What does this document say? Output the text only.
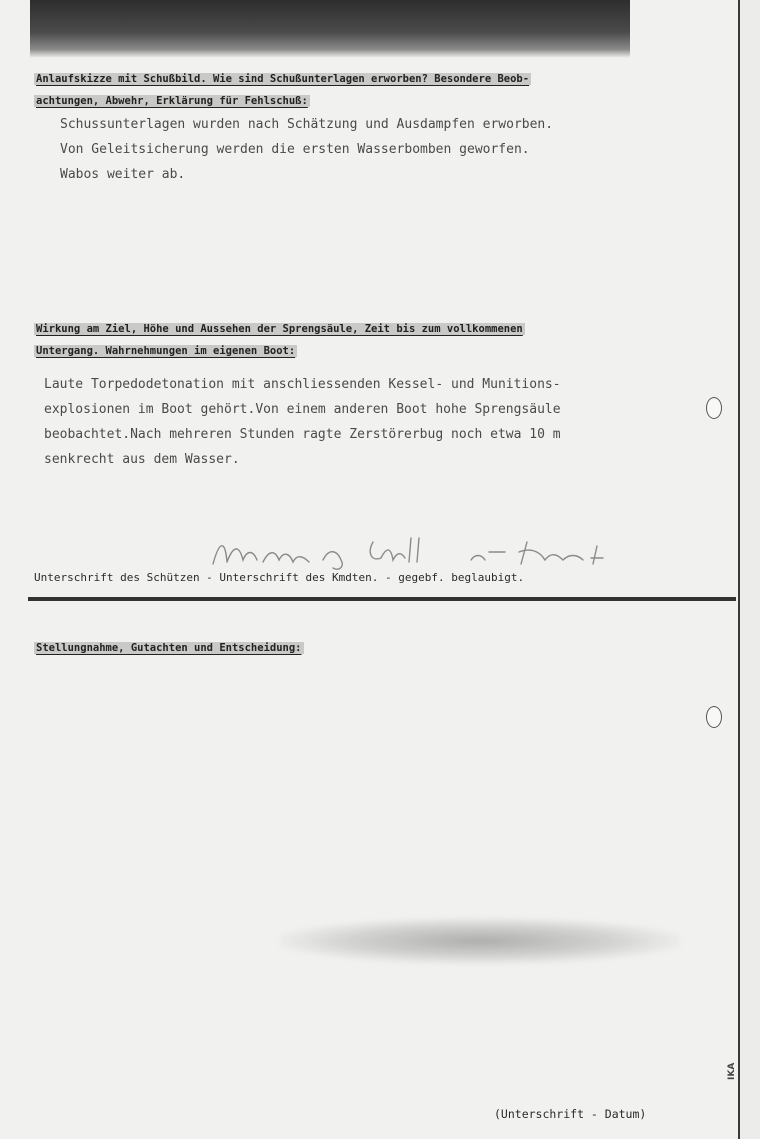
Anlaufskizze mit Schußbild. Wie sind Schußunterlagen erworben? Besondere Beob-
achtungen, Abwehr, Erklärung für Fehlschuß:
Schussunterlagen wurden nach Schätzung und Ausdampfen erworben.
Von Geleitsicherung werden die ersten Wasserbomben geworfen.
Wabos weiter ab.
Wirkung am Ziel, Höhe und Aussehen der Sprengsäule, Zeit bis zum vollkommenen
Untergang. Wahrnehmungen im eigenen Boot:
Laute Torpedodetonation mit anschliessenden Kessel- und Munitions-
explosionen im Boot gehört.Von einem anderen Boot hohe Sprengsäule
beobachtet.Nach mehreren Stunden ragte Zerstörerbug noch etwa 10 m
senkrecht aus dem Wasser.
Unterschrift des Schützen - Unterschrift des Kmdten. - gegebf. beglaubigt.
Stellungnahme, Gutachten und Entscheidung:
IKA
(Unterschrift - Datum)
